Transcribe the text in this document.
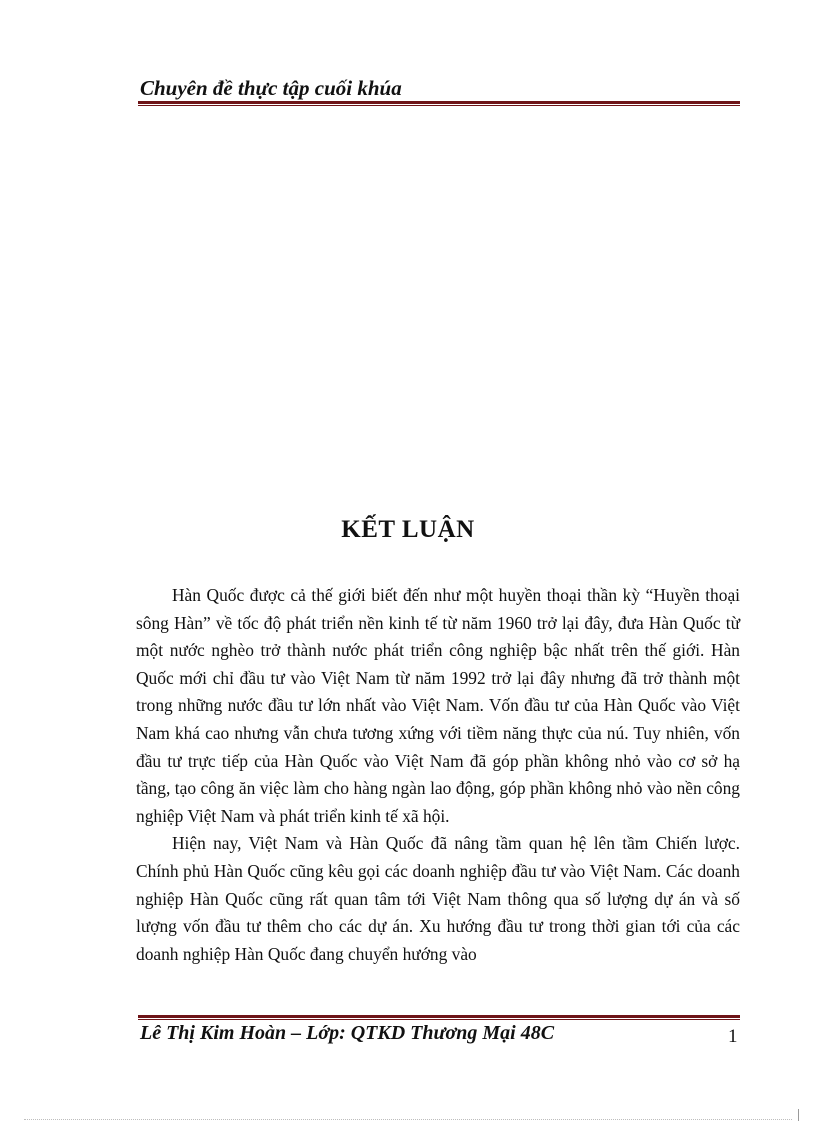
Chuyên đề thực tập cuối khúa
KẾT LUẬN

Hàn Quốc được cả thế giới biết đến như một huyền thoại thần kỳ “Huyền thoại sông Hàn” về tốc độ phát triển nền kinh tế từ năm 1960 trở lại đây, đưa Hàn Quốc từ một nước nghèo trở thành nước phát triển công nghiệp bậc nhất trên thế giới. Hàn Quốc mới chỉ đầu tư vào Việt Nam từ năm 1992 trở lại đây nhưng đã trở thành một trong những nước đầu tư lớn nhất vào Việt Nam. Vốn đầu tư của Hàn Quốc vào Việt Nam khá cao nhưng vẫn chưa tương xứng với tiềm năng thực của nú. Tuy nhiên, vốn đầu tư trực tiếp của Hàn Quốc vào Việt Nam đã góp phần không nhỏ vào cơ sở hạ tầng, tạo công ăn việc làm cho hàng ngàn lao động, góp phần không nhỏ vào nền công nghiệp Việt Nam và phát triển kinh tế xã hội.

Hiện nay, Việt Nam và Hàn Quốc đã nâng tầm quan hệ lên tầm Chiến lược. Chính phủ Hàn Quốc cũng kêu gọi các doanh nghiệp đầu tư vào Việt Nam. Các doanh nghiệp Hàn Quốc cũng rất quan tâm tới Việt Nam thông qua số lượng dự án và số lượng vốn đầu tư thêm cho các dự án. Xu hướng đầu tư trong thời gian tới của các doanh nghiệp Hàn Quốc đang chuyển hướng vào

Lê Thị Kim Hoàn – Lớp: QTKD Thương Mại 48C	1
